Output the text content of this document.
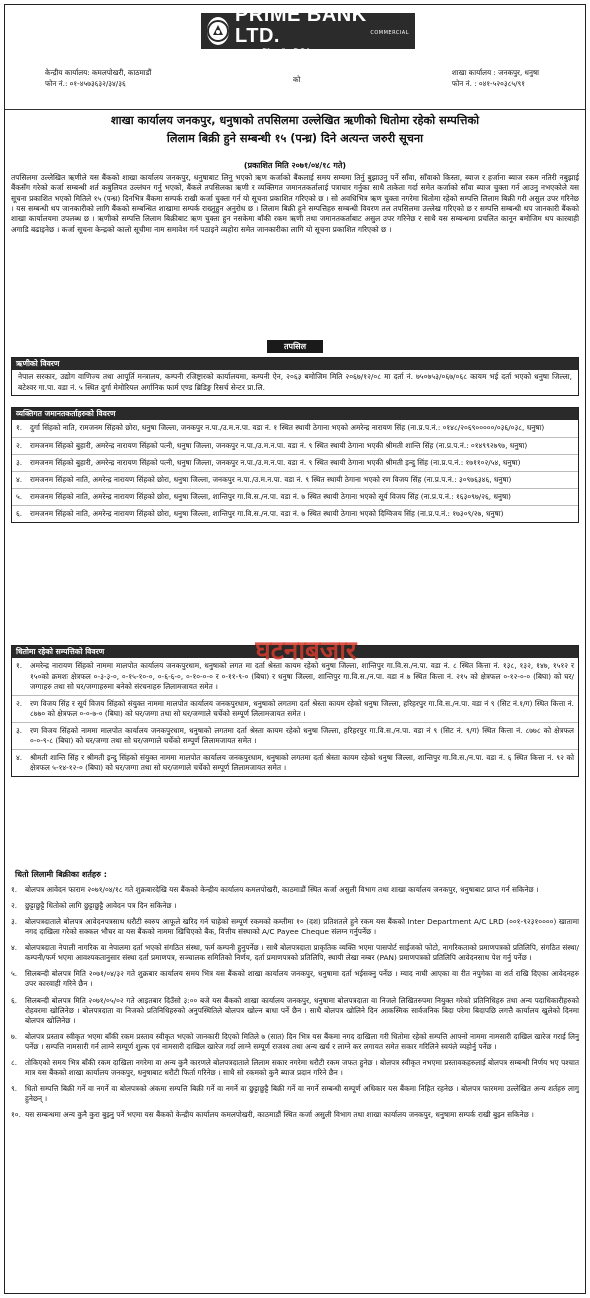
PRiME BANK LTD.	COMMERCIAL
प्राइम कमर्सियल बैंक लिमिटेड
केन्द्रीय कार्यालय: कमलपोखरी, काठमाडौं
फोन नं.: ०१-४५७३६३२/३४/३६	को
शाखा कार्यालय : जनकपुर, धनुषा
फोन नं. : ०४१-५२०३८५/९१
शाखा कार्यालय जनकपुर, धनुषाको तपसिलमा उल्लेखित ऋणीको धितोमा रहेको सम्पत्तिको
लिलाम बिक्री हुने सम्बन्धी १५ (पन्ध्र) दिने अत्यन्त जरुरी सूचना
(प्रकाशित मिति २०७१/०४/१८ गते)
तपसिलमा उल्लेखित ऋणीले यस बैंकको शाखा कार्यालय जनकपुर, धनुषाबाट लिनु भएको ऋण कर्जाको बैंकलाई समय सम्यमा तिर्नु बुझाउनु पर्ने साँवा, साँवाको किस्ता, ब्याज र हर्जाना ब्याज रकम नतिरी नबुझाई बैंकसँग गरेको कर्जा सम्बन्धी शर्त कबुलियत उल्लंघन गर्नु भएको, बैंकले तपसिलका ऋणी र व्यक्तिगत जमानतकर्तालाई पत्राचार गर्नुका साथै ताकेता गर्दा समेत कर्जाको साँवा ब्याज चुक्ता गर्न आउनु नभएकोले यस सूचना प्रकाशित भएको मितिले १५ (पन्ध्र) दिनभित्र बैंकमा सम्पर्क राखी कर्जा चुक्ता गर्न यो सूचना प्रकाशित गरिएको छ । सो अवधिभित्र ऋण चुक्ता नगरेमा धितोमा रहेको सम्पत्ति लिलाम बिक्री गरी असुल उपर गरिनेछ । यस सम्बन्धी थप जानकारीको लागि बैंकको सम्बन्धित शाखामा सम्पर्क राख्नुहुन अनुरोध छ । लिलाम बिक्री हुने सम्पत्तिहरु सम्बन्धी विवरण तल तपसिलमा उल्लेख गरिएको छ र सम्पत्ति सम्बन्धी थप जानकारी बैंकको शाखा कार्यालयमा उपलब्ध छ । ऋणीको सम्पत्ति लिलाम बिक्रीबाट ऋण चुक्ता हुन नसकेमा बाँकी रकम ऋणी तथा जमानतकर्ताबाट असुल उपर गरिनेछ र साथै यस सम्बन्धमा प्रचलित कानून बमोजिम थप कारबाही अगाडि बढाइनेछ । कर्जा सूचना केन्द्रको कालो सूचीमा नाम समावेश गर्न पठाइने व्यहोरा समेत जानकारीका लागि यो सूचना प्रकाशित गरिएको छ ।
तपसिल
ऋणीको विवरण
नेपाल सरकार, उद्योग वाणिज्य तथा आपूर्ति मन्त्रालय, कम्पनी रजिष्ट्रारको कार्यालयमा, कम्पनी ऐन, २०६३ बमोजिम मिति २०६७/१२/०८ मा दर्ता नं. ७५०७५३/०६७/०६८ कायम भई दर्ता भएको धनुषा जिल्ला, बटेश्वर गा.पा. वडा नं. ५ स्थित दुर्गा मेमोरियल अर्गानिक फार्म एण्ड ब्रिडिङ्ग रिसर्च सेन्टर प्रा.लि.
व्यक्तिगत जमानतकर्ताहरुको विवरण
१.	दुर्गा सिंहको नाति, रामजनम सिंहको छोरा, धनुषा जिल्ला, जनकपुर न.पा./उ.म.न.पा. वडा नं. १ स्थित स्थायी ठेगाना भएको अमरेन्द्र नारायण सिंह (ना.प्र.प.नं.: ०१४८/२०६९०००००/०३६/०३८, धनुषा)
२.	रामजनम सिंहको बुहारी, अमरेन्द्र नारायण सिंहको पत्नी, धनुषा जिल्ला, जनकपुर न.पा./उ.म.न.पा. वडा नं. ९ स्थित स्थायी ठेगाना भएकी श्रीमती शान्ति सिंह (ना.प्र.प.नं.: ०१४९९२७९७, धनुषा)
३.	रामजनम सिंहको बुहारी, अमरेन्द्र नारायण सिंहको पत्नी, धनुषा जिल्ला, जनकपुर न.पा./उ.म.न.पा. वडा नं. ९ स्थित स्थायी ठेगाना भएकी श्रीमती इन्दु सिंह (ना.प्र.प.नं.: १७११०२/५४, धनुषा)
४.	रामजनम सिंहको नाति, अमरेन्द्र नारायण सिंहको छोरा, धनुषा जिल्ला, जनकपुर न.पा./उ.म.न.पा. वडा नं. ९ स्थित स्थायी ठेगाना भएको रण विजय सिंह (ना.प्र.प.नं.: ३०९७६३४६, धनुषा)
५.	रामजनम सिंहको नाति, अमरेन्द्र नारायण सिंहको छोरा, धनुषा जिल्ला, शान्तिपुर गा.वि.स./न.पा. वडा नं. ७ स्थित स्थायी ठेगाना भएको सूर्य विजय सिंह (ना.प्र.प.नं.: १६३०९७/२६, धनुषा)
६.	रामजनम सिंहको नाति, अमरेन्द्र नारायण सिंहको छोरा, धनुषा जिल्ला, शान्तिपुर गा.वि.स./न.पा. वडा नं. ७ स्थित स्थायी ठेगाना भएको दिग्विजय सिंह (ना.प्र.प.नं.: १७३०९/२७, धनुषा)
धितोमा रहेको सम्पत्तिको विवरण
१.	अमरेन्द्र नारायण सिंहको नाममा मालपोत कार्यालय जनकपुरधाम, धनुषाको लगत मा दर्ता श्रेस्ता कायम रहेको धनुषा जिल्ला, शान्तिपुर गा.वि.स./न.पा. वडा नं. ८ स्थित कित्ता नं. १३८, १३२, १४७, १५१२ र १५०को क्रमशः क्षेत्रफल ०-३-३-०, ०-१५-१०-०, ०-६-६-०, ०-१०-०-० र ०-११-९-० (बिघा) र धनुषा जिल्ला, शान्तिपुर गा.वि.स./न.पा. वडा नं ७ स्थित कित्ता नं. २१५ को क्षेत्रफल ०-१२-०-० (बिघा) को घर/जग्गाहरु तथा सो घर/जग्गाहरुमा बनेको संरचनाहरु लिलामजायत समेत ।
२.	रण विजय सिंह र सूर्य विजय सिंहको संयुक्त नाममा मालपोत कार्यालय जनकपुरधाम, धनुषाको लगतमा दर्ता श्रेस्ता कायम रहेको धनुषा जिल्ला, हरिहरपुर गा.वि.स./न.पा. वडा नं ९ (सिट नं.१/ग) स्थित कित्ता नं. ८७७० को क्षेत्रफल ०-०-७-० (बिघा) को घर/जग्गा तथा सो घर/जग्गाले चर्चेको सम्पूर्ण लिलामजायत समेत ।
३.	रण विजय सिंहको नाममा मालपोत कार्यालय जनकपुरधाम, धनुषाको लगतमा दर्ता श्रेस्ता कायम रहेको धनुषा जिल्ला, हरिहरपुर गा.वि.स./न.पा. वडा नं ९ (सिट नं. ९/ग) स्थित कित्ता नं. ८७७८ को क्षेत्रफल ०-०-९-८ (बिघा) को घर/जग्गा तथा सो घर/जग्गाले चर्चेको सम्पूर्ण लिलामजायत समेत ।
४.	श्रीमती शान्ति सिंह र श्रीमती इन्दु सिंहको संयुक्त नाममा मालपोत कार्यालय जनकपुरधाम, धनुषाको लगतमा दर्ता श्रेस्ता कायम रहेको धनुषा जिल्ला, शान्तिपुर गा.वि.स./न.पा. वडा नं. ६ स्थित कित्ता नं. ९२ को क्षेत्रफल ५-१४-१२-० (बिघा) को घर/जग्गा तथा सो घर/जग्गाले चर्चेको सम्पूर्ण लिलामजायत समेत ।
घटनाबजार
धितो लिलामी बिक्रीका शर्तहरु :
१.	बोलपत्र आवेदन फाराम २०७१/०४/१८ गते शुक्रबारदेखि यस बैंकको केन्द्रीय कार्यालय कमलपोखरी, काठमाडौं स्थित कर्जा असुली विभाग तथा शाखा कार्यालय जनकपुर, धनुषाबाट प्राप्त गर्न सकिनेछ ।
२.	छुट्टाछुट्टै धितोको लागि छुट्टाछुट्टै आवेदन पत्र दिन सकिनेछ ।
३.	बोलपत्रदाताले बोलपत्र आवेदनपत्रसाथ धरौटी स्वरुप आफूले खरिद गर्न चाहेको सम्पूर्ण रकमको कम्तीमा १० (दश) प्रतिशतले हुने रकम यस बैंकको Inter Department A/C LRD (००१-९२३१००००) खातामा नगद दाखिला गरेको सक्कल भौचर वा यस बैंकको नाममा खिचिएको बैंक, वित्तीय संस्थाको A/C Payee Cheque संलग्न गर्नुपर्नेछ ।
४.	बोलपत्रदाता नेपाली नागरिक वा नेपालमा दर्ता भएको संगठित संस्था, फर्म कम्पनी हुनुपर्नेछ । साथै बोलपत्रदाता प्राकृतिक व्यक्ति भएमा पासपोर्ट साईजको फोटो, नागरिकताको प्रमाणपत्रको प्रतिलिपि, संगठित संस्था/कम्पनी/फर्म भएमा आवश्यकतानुसार संस्था दर्ता प्रमाणपत्र, सञ्चालक समितिको निर्णय, दर्ता प्रमाणपत्रको प्रतिलिपि, स्थायी लेखा नम्बर (PAN) प्रमाणपत्रको प्रतिलिपि आवेदनसाथ पेश गर्नु पर्नेछ ।
५.	सिलबन्दी बोलपत्र मिति २०७१/०४/३२ गते शुक्रबार कार्यालय समय भित्र यस बैंकको शाखा कार्यालय जनकपुर, धनुषामा दर्ता भईसक्नु पर्नेछ । म्याद नाघी आएका वा रीत नपुगेका वा शर्त राखि दिएका आवेदनहरु उपर कारवाही गरिने छैन ।
६.	सिलबन्दी बोलपत्र मिति २०७१/०५/०२ गते आइतबार दिउँसो ३:०० बजे यस बैंकको शाखा कार्यालय जनकपुर, धनुषामा बोलपत्रदाता वा निजले लिखितरुपमा नियुक्त गरेको प्रतिनिधिहरु तथा अन्य पदाधिकारीहरुको रोहवरमा खोलिनेछ । बोलपत्रदाता वा निजको प्रतिनिधिहरुको अनुपस्थितिले बोलपत्र खोल्न बाधा पर्ने छैन । साथै बोलपत्र खोलिने दिन आकस्मिक सार्वजनिक बिदा परेमा बिदापछि लगत्तै कार्यालय खुलेको दिनमा बोलपत्र खोलिनेछ ।
७.	बोलपत्र प्रस्ताव स्वीकृत भएमा बाँकी रकम प्रस्ताव स्वीकृत भएको जानकारी दिएको मितिले ७ (सात) दिन भित्र यस बैंकमा नगद दाखिला गरी धितोमा रहेको सम्पत्ति आफ्नो नाममा नामसारी दाखिल खारेज गराई लिनु पर्नेछ । सम्पत्ति नामसारी गर्न लाग्ने सम्पूर्ण शुल्क एवं नामसारी दाखिल खारेज गर्दा लाग्ने सम्पूर्ण राजश्व तथा अन्य खर्च र लाग्ने कर लगायत समेत सकार गरिलिने स्वयंले व्यहोर्नु पर्नेछ ।
८.	तोकिएको समय भित्र बाँकी रकम दाखिला नगरेमा वा अन्य कुनै कारणले बोलपत्रदाताले लिलाम सकार नगरेमा धरौटी रकम जफत हुनेछ । बोलपत्र स्वीकृत नभएमा प्रस्तावकहरुलाई बोलपत्र सम्बन्धी निर्णय भए पश्चात मात्र यस बैंकको शाखा कार्यालय जनकपुर, धनुषाबाट धरौटी फिर्ता गरिनेछ । साथै सो रकमको कुनै ब्याज प्रदान गरिने छैन ।
९.	धितो सम्पत्ति बिक्री गर्ने वा नगर्ने वा बोलपत्रको अंकमा सम्पत्ति बिक्री गर्ने वा नगर्ने वा छुट्टाछुट्टै बिक्री गर्ने वा नगर्ने सम्बन्धी सम्पूर्ण अधिकार यस बैंकमा निहित रहनेछ । बोलपत्र फारममा उल्लेखित अन्य शर्तहरु लागु हुनेछन् ।
१०. यस सम्बन्धमा अन्य कुनै कुरा बुझ्नु पर्ने भएमा यस बैंकको केन्द्रीय कार्यालय कमलपोखरी, काठमाडौं स्थित कर्जा असुली विभाग तथा शाखा कार्यालय जनकपुर, धनुषामा सम्पर्क राखी बुझ्न सकिनेछ ।
